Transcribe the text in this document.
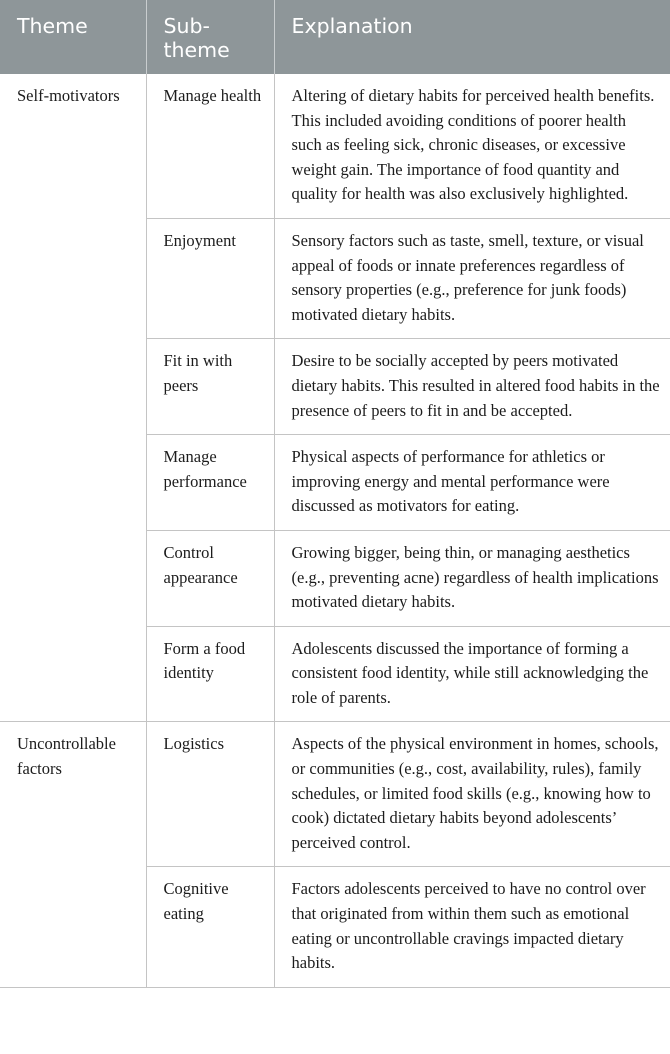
Theme	Sub-theme	Explanation
Self-motivators	Manage health	Altering of dietary habits for perceived health benefits. This included avoiding conditions of poorer health such as feeling sick, chronic diseases, or excessive weight gain. The importance of food quantity and quality for health was also exclusively highlighted.
	Enjoyment	Sensory factors such as taste, smell, texture, or visual appeal of foods or innate preferences regardless of sensory properties (e.g., preference for junk foods) motivated dietary habits.
	Fit in with peers	Desire to be socially accepted by peers motivated dietary habits. This resulted in altered food habits in the presence of peers to fit in and be accepted.
	Manage performance	Physical aspects of performance for athletics or improving energy and mental performance were discussed as motivators for eating.
	Control appearance	Growing bigger, being thin, or managing aesthetics (e.g., preventing acne) regardless of health implications motivated dietary habits.
	Form a food identity	Adolescents discussed the importance of forming a consistent food identity, while still acknowledging the role of parents.
Uncontrollable factors	Logistics	Aspects of the physical environment in homes, schools, or communities (e.g., cost, availability, rules), family schedules, or limited food skills (e.g., knowing how to cook) dictated dietary habits beyond adolescents’ perceived control.
	Cognitive eating	Factors adolescents perceived to have no control over that originated from within them such as emotional eating or uncontrollable cravings impacted dietary habits.
